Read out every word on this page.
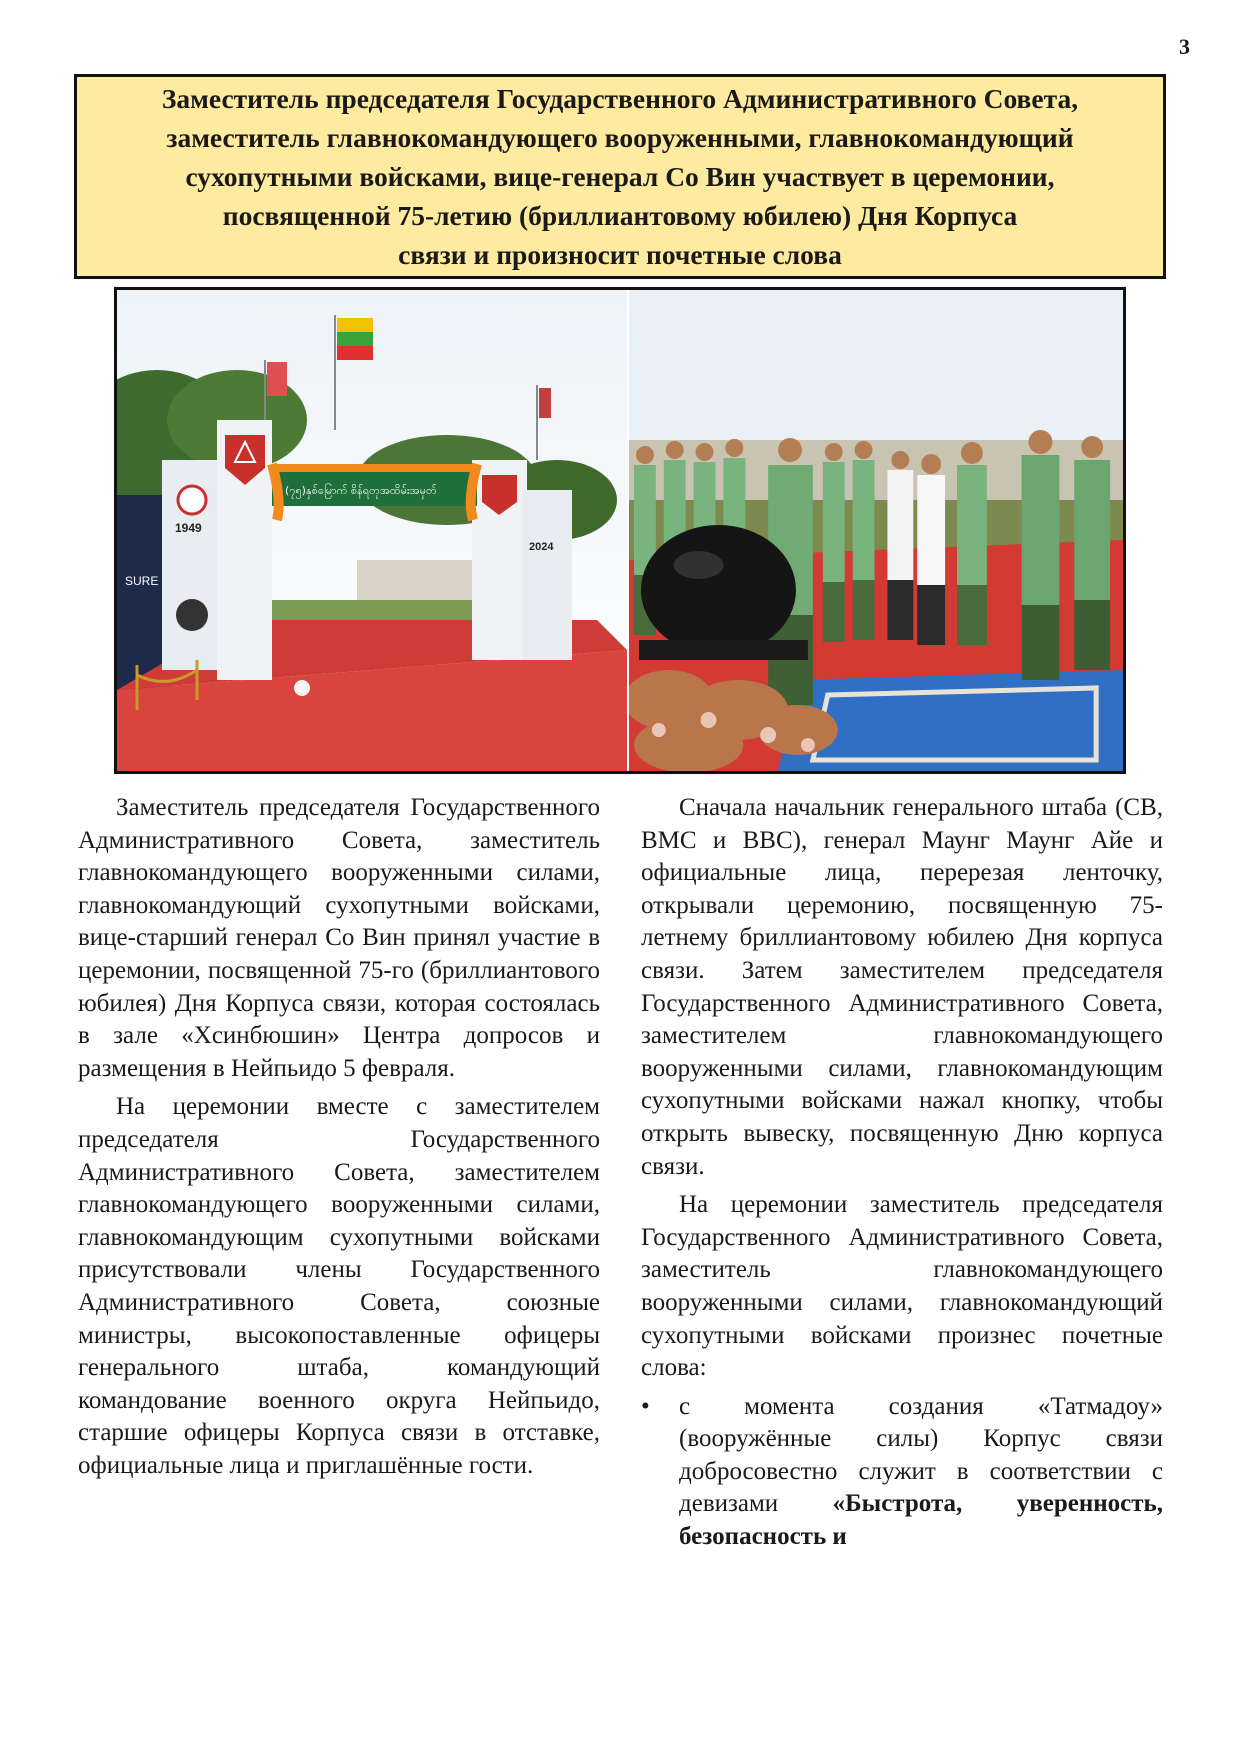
3
Заместитель председателя Государственного Административного Совета,
заместитель главнокомандующего вооруженными, главнокомандующий
сухопутными войсками, вице-генерал Со Вин участвует в церемонии,
посвященной 75-летию (бриллиантовому юбилею) Дня Корпуса
связи и произносит почетные слова
SURE
1949
2024
(၇၅)နှစ်မြောက် စိန်ရတုအထိမ်းအမှတ်

Заместитель председателя Государственного Административного Совета, заместитель главнокомандующего вооруженными силами, главнокомандующий сухопутными войсками, вице-старший генерал Со Вин принял участие в церемонии, посвященной 75-го (бриллиантового юбилея) Дня Корпуса связи, которая состоялась в зале «Хсинбюшин» Центра допросов и размещения в Нейпьидо 5 февраля.

На церемонии вместе с заместителем председателя Государственного Административного Совета, заместителем главнокомандующего вооруженными силами, главнокомандующим сухопутными войсками присутствовали члены Государственного Административного Совета, союзные министры, высокопоставленные офицеры генерального штаба, командующий командование военного округа Нейпьидо, старшие офицеры Корпуса связи в отставке, официальные лица и приглашённые гости.

Сначала начальник генерального штаба (СВ, ВМС и ВВС), генерал Маунг Маунг Айе и официальные лица, перерезая ленточку, открывали церемонию, посвященную 75-летнему бриллиантовому юбилею Дня корпуса связи. Затем заместителем председателя Государственного Административного Совета, заместителем главнокомандующего вооруженными силами, главнокомандующим сухопутными войсками нажал кнопку, чтобы открыть вывеску, посвященную Дню корпуса связи.

На церемонии заместитель председателя Государственного Административного Совета, заместитель главнокомандующего вооруженными силами, главнокомандующий сухопутными войсками произнес почетные слова:

• с момента создания «Татмадоу» (вооружённые силы) Корпус связи добросовестно служит в соответствии с девизами «Быстрота, уверенность, безопасность и
